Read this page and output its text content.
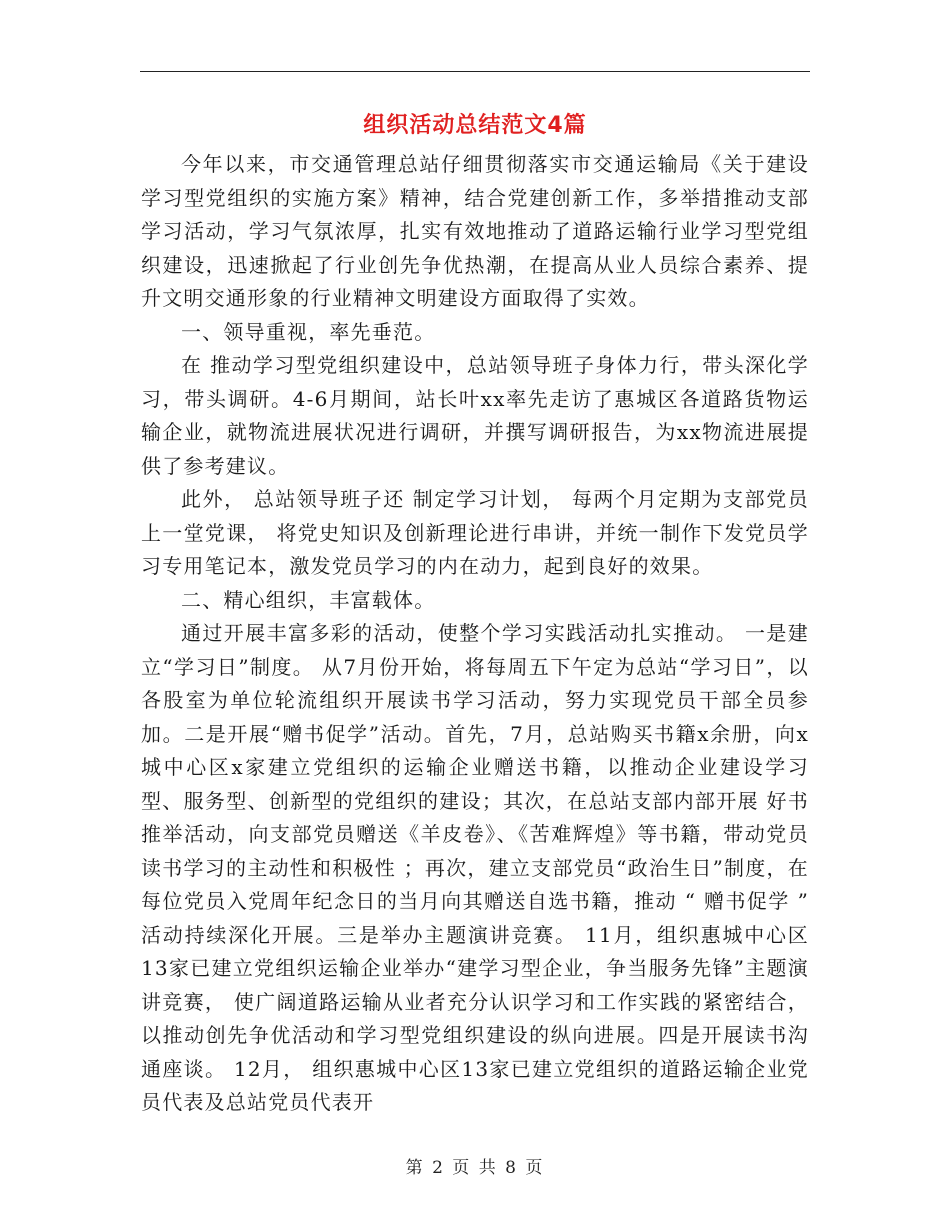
组织活动总结范文4篇

今年以来，市交通管理总站仔细贯彻落实市交通运输局《关于建设学习型党组织的实施方案》精神，结合党建创新工作，多举措推动支部学习活动，学习气氛浓厚，扎实有效地推动了道路运输行业学习型党组织建设，迅速掀起了行业创先争优热潮，在提高从业人员综合素养、提升文明交通形象的行业精神文明建设方面取得了实效。

一、领导重视，率先垂范。

在 推动学习型党组织建设中，总站领导班子身体力行，带头深化学习，带头调研。4-6月期间，站长叶xx率先走访了惠城区各道路货物运输企业，就物流进展状况进行调研，并撰写调研报告，为xx物流进展提供了参考建议。

此外， 总站领导班子还 制定学习计划， 每两个月定期为支部党员上一堂党课， 将党史知识及创新理论进行串讲，并统一制作下发党员学习专用笔记本，激发党员学习的内在动力，起到良好的效果。

二、精心组织，丰富载体。

通过开展丰富多彩的活动，使整个学习实践活动扎实推动。 一是建立“学习日”制度。 从7月份开始，将每周五下午定为总站“学习日”，以各股室为单位轮流组织开展读书学习活动，努力实现党员干部全员参加。二是开展“赠书促学”活动。首先，7月，总站购买书籍x余册，向x城中心区x家建立党组织的运输企业赠送书籍，以推动企业建设学习型、服务型、创新型的党组织的建设；其次，在总站支部内部开展 好书推举活动，向支部党员赠送《羊皮卷》、《苦难辉煌》等书籍，带动党员读书学习的主动性和积极性 ；再次，建立支部党员“政治生日”制度，在每位党员入党周年纪念日的当月向其赠送自选书籍，推动 “ 赠书促学 ” 活动持续深化开展。三是举办主题演讲竞赛。 11月，组织惠城中心区13家已建立党组织运输企业举办“建学习型企业，争当服务先锋”主题演讲竞赛， 使广阔道路运输从业者充分认识学习和工作实践的紧密结合，以推动创先争优活动和学习型党组织建设的纵向进展。四是开展读书沟通座谈。 12月， 组织惠城中心区13家已建立党组织的道路运输企业党员代表及总站党员代表开

第 2 页 共 8 页
